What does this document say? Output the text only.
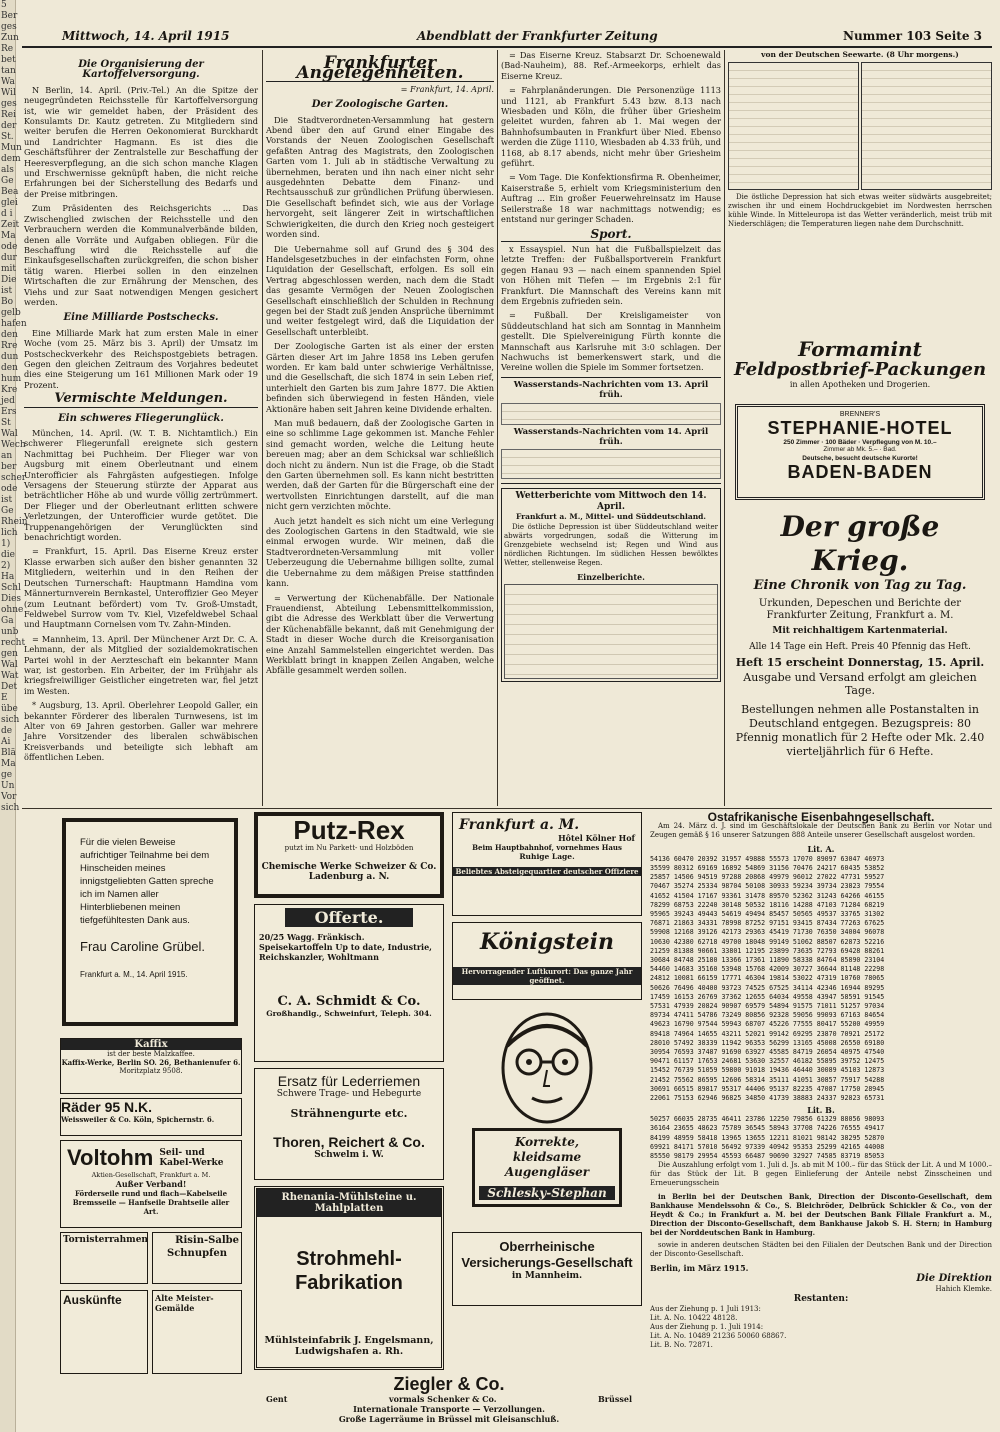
5
Ber
ges
Zun
Re
bet
tan
Wa
Wil
ges
Rei
der
St.
Mun
dem
als
Ge
Bea
glei
d i
Zeit
Ma
ode
dur
mit
Die
ist
Bo
gelb
hafen
den
Rre
dun
den
hum
Kre
jed
Ers
St
Wal
Wech
an
ber
scher
ode
ist
Ge
Rhein
lich
1)
die
2)
Ha
Schl
Dies
ohne
Ga
unb
recht
gen
Wal
Wat
Det
E
übe
sich
de
Ai
Blä
Ma
ge
Un
Vor
sich
Mittwoch, 14. April 1915	Abendblatt der Frankfurter Zeitung	Nummer 103 Seite 3
Die Organisierung der Kartoffelversorgung.

N Berlin, 14. April. (Priv.-Tel.) An die Spitze der neugegründeten Reichsstelle für Kartoffelversorgung ist, wie wir gemeldet haben, der Präsident des Konsulamts Dr. Kautz getreten. Zu Mitgliedern sind weiter berufen die Herren Oekonomierat Burckhardt und Landrichter Hagmann. Es ist dies die Geschäftsführer der Zentralstelle zur Beschaffung der Heeresverpflegung, an die sich schon manche Klagen und Erschwernisse geknüpft haben, die nicht reiche Erfahrungen bei der Sicherstellung des Bedarfs und der Preise mitbringen.

Zum Präsidenten des Reichsgerichts ... Das Zwischenglied zwischen der Reichsstelle und den Verbrauchern werden die Kommunalverbände bilden, denen alle Vorräte und Aufgaben obliegen. Für die Beschaffung wird die Reichsstelle auf die Einkaufsgesellschaften zurückgreifen, die schon bisher tätig waren. Hierbei sollen in den einzelnen Wirtschaften die zur Ernährung der Menschen, des Viehs und zur Saat notwendigen Mengen gesichert werden.

Eine Milliarde Postschecks.

Eine Milliarde Mark hat zum ersten Male in einer Woche (vom 25. März bis 3. April) der Umsatz im Postscheckverkehr des Reichspostgebiets betragen. Gegen den gleichen Zeitraum des Vorjahres bedeutet dies eine Steigerung um 161 Millionen Mark oder 19 Prozent.

Vermischte Meldungen.
Ein schweres Fliegerunglück.

München, 14. April. (W. T. B. Nichtamtlich.) Ein schwerer Fliegerunfall ereignete sich gestern Nachmittag bei Puchheim. Der Flieger war von Augsburg mit einem Oberleutnant und einem Unterofficier als Fahrgästen aufgestiegen. Infolge Versagens der Steuerung stürzte der Apparat aus beträchtlicher Höhe ab und wurde völlig zertrümmert. Der Flieger und der Oberleutnant erlitten schwere Verletzungen, der Unterofficier wurde getötet. Die Truppenangehörigen der Verunglückten sind benachrichtigt worden.

= Frankfurt, 15. April. Das Eiserne Kreuz erster Klasse erwarben sich außer den bisher genannten 32 Mitgliedern, weiterhin und in den Reihen der Deutschen Turnerschaft: Hauptmann Hamdina vom Männerturnverein Bernkastel, Unteroffizier Geo Meyer (zum Leutnant befördert) vom Tv. Groß-Umstadt, Feldwebel Surrow vom Tv. Kiel, Vizefeldwebel Schaal und Hauptmann Cornelsen vom Tv. Zahn-Minden.

= Mannheim, 13. April. Der Münchener Arzt Dr. C. A. Lehmann, der als Mitglied der sozialdemokratischen Partei wohl in der Aerzteschaft ein bekannter Mann war, ist gestorben. Ein Arbeiter, der im Frühjahr als kriegsfreiwilliger Geistlicher eingetreten war, fiel jetzt im Westen.

* Augsburg, 13. April. Oberlehrer Leopold Galler, ein bekannter Förderer des liberalen Turnwesens, ist im Alter von 69 Jahren gestorben. Galler war mehrere Jahre Vorsitzender des liberalen schwäbischen Kreisverbands und beteiligte sich lebhaft am öffentlichen Leben.

Frankfurter Angelegenheiten.
= Frankfurt, 14. April.
Der Zoologische Garten.

Die Stadtverordneten-Versammlung hat gestern Abend über den auf Grund einer Eingabe des Vorstands der Neuen Zoologischen Gesellschaft gefaßten Antrag des Magistrats, den Zoologischen Garten vom 1. Juli ab in städtische Verwaltung zu übernehmen, beraten und ihn nach einer nicht sehr ausgedehnten Debatte dem Finanz- und Rechtsausschuß zur gründlichen Prüfung überwiesen. Die Gesellschaft befindet sich, wie aus der Vorlage hervorgeht, seit längerer Zeit in wirtschaftlichen Schwierigkeiten, die durch den Krieg noch gesteigert worden sind.

Die Uebernahme soll auf Grund des § 304 des Handelsgesetzbuches in der einfachsten Form, ohne Liquidation der Gesellschaft, erfolgen. Es soll ein Vertrag abgeschlossen werden, nach dem die Stadt das gesamte Vermögen der Neuen Zoologischen Gesellschaft einschließlich der Schulden in Rechnung gegen bei der Stadt zuß jenden Ansprüche übernimmt und weiter festgelegt wird, daß die Liquidation der Gesellschaft unterbleibt.

Der Zoologische Garten ist als einer der ersten Gärten dieser Art im Jahre 1858 ins Leben gerufen worden. Er kam bald unter schwierige Verhältnisse, und die Gesellschaft, die sich 1874 in sein Leben rief, unterhielt den Garten bis zum Jahre 1877. Die Aktien befinden sich überwiegend in festen Händen, viele Aktionäre haben seit Jahren keine Dividende erhalten.

Man muß bedauern, daß der Zoologische Garten in eine so schlimme Lage gekommen ist. Manche Fehler sind gemacht worden, welche die Leitung heute bereuen mag; aber an dem Schicksal war schließlich doch nicht zu ändern. Nun ist die Frage, ob die Stadt den Garten übernehmen soll. Es kann nicht bestritten werden, daß der Garten für die Bürgerschaft eine der wertvollsten Einrichtungen darstellt, auf die man nicht gern verzichten möchte.

Auch jetzt handelt es sich nicht um eine Verlegung des Zoologischen Gartens in den Stadtwald, wie sie einmal erwogen wurde. Wir meinen, daß die Stadtverordneten-Versammlung mit voller Ueberzeugung die Uebernahme billigen sollte, zumal die Uebernahme zu dem mäßigen Preise stattfinden kann.

= Verwertung der Küchenabfälle. Der Nationale Frauendienst, Abteilung Lebensmittelkommission, gibt die Adresse des Werkblatt über die Verwertung der Küchenabfälle bekannt, daß mit Genehmigung der Stadt in dieser Woche durch die Kreisorganisation eine Anzahl Sammelstellen eingerichtet werden. Das Werkblatt bringt in knappen Zeilen Angaben, welche Abfälle gesammelt werden sollen.

= Das Eiserne Kreuz. Stabsarzt Dr. Schoenewald (Bad-Nauheim), 88. Ref.-Armeekorps, erhielt das Eiserne Kreuz.

= Fahrplanänderungen. Die Personenzüge 1113 und 1121, ab Frankfurt 5.43 bzw. 8.13 nach Wiesbaden und Köln, die früher über Griesheim geleitet wurden, fahren ab 1. Mai wegen der Bahnhofsumbauten in Frankfurt über Nied. Ebenso werden die Züge 1110, Wiesbaden ab 4.33 früh, und 1168, ab 8.17 abends, nicht mehr über Griesheim geführt.

= Vom Tage. Die Konfektionsfirma R. Obenheimer, Kaiserstraße 5, erhielt vom Kriegsministerium den Auftrag ... Ein großer Feuerwehreinsatz im Hause Seilerstraße 18 war nachmittags notwendig; es entstand nur geringer Schaden.

Sport.

x Essayspiel. Nun hat die Fußballspielzeit das letzte Treffen: der Fußballsportverein Frankfurt gegen Hanau 93 — nach einem spannenden Spiel von Höhen mit Tiefen — im Ergebnis 2:1 für Frankfurt. Die Mannschaft des Vereins kann mit dem Ergebnis zufrieden sein.

= Fußball. Der Kreisligameister von Süddeutschland hat sich am Sonntag in Mannheim gestellt. Die Spielvereinigung Fürth konnte die Mannschaft aus Karlsruhe mit 3:0 schlagen. Der Nachwuchs ist bemerkenswert stark, und die Vereine wollen die Spiele im Sommer fortsetzen.

Wasserstands-Nachrichten vom 13. April früh.
Wasserstands-Nachrichten vom 14. April früh.
Wetterberichte vom Mittwoch den 14. April.
Frankfurt a. M., Mittel- und Süddeutschland.

Die östliche Depression ist über Süddeutschland weiter abwärts vorgedrungen, sodaß die Witterung im Grenzgebiete wechselnd ist; Regen und Wind aus nördlichen Richtungen. Im südlichen Hessen bewölktes Wetter, stellenweise Regen.

Einzelberichte.
von der Deutschen Seewarte. (8 Uhr morgens.)

Die östliche Depression hat sich etwas weiter südwärts ausgebreitet; zwischen ihr und einem Hochdruckgebiet im Nordwesten herrschen kühle Winde. In Mitteleuropa ist das Wetter veränderlich, meist trüb mit Niederschlägen; die Temperaturen liegen nahe dem Durchschnitt.

Formamint
Feldpostbrief-Packungen
in allen Apotheken und Drogerien.
BRENNER'S
STEPHANIE-HOTEL
250 Zimmer · 100 Bäder · Verpflegung von M. 10.–
Zimmer ab Mk. 5.– · Bad.
Deutsche, besucht deutsche Kurorte!
BADEN-BADEN
Der große Krieg.
Eine Chronik von Tag zu Tag.
Urkunden, Depeschen und Berichte der Frankfurter Zeitung, Frankfurt a. M.
Mit reichhaltigem Kartenmaterial.
Alle 14 Tage ein Heft. Preis 40 Pfennig das Heft.
Heft 15 erscheint Donnerstag, 15. April.
Ausgabe und Versand erfolgt am gleichen Tage.
Bestellungen nehmen alle Postanstalten in Deutschland entgegen. Bezugspreis: 80 Pfennig monatlich für 2 Hefte oder Mk. 2.40 vierteljährlich für 6 Hefte.
Ostafrikanische Eisenbahngesellschaft.

Am 24. März d. J. sind im Geschäftslokale der Deutschen Bank zu Berlin vor Notar und Zeugen gemäß § 16 unserer Satzungen 888 Anteile unserer Gesellschaft ausgelost worden.

Lit. A.
54136 60470 20392 31957 49888 55573 17070 89097 63047 46973
35599 80312 69169 16892 54869 31156 70476 24217 60435 53852
25857 14506 94519 97288 20868 49979 96012 27022 47731 59527
70467 35274 25334 98704 50108 30933 59234 39734 23823 79554
41652 41504 17167 93361 31478 89570 52362 31243 64266 46155
78299 68753 22240 30148 50532 18116 14288 47103 71284 68219
95965 39243 49443 54619 49494 85457 50565 49537 33765 31302
76871 21863 34331 78998 87252 97151 93415 87434 77263 67625
59908 12168 39126 42173 29363 45419 71730 76350 34004 96078
10630 42380 62718 49700 18048 99149 51062 88507 62873 52216
21259 81388 90661 33801 12195 23899 73635 72793 69428 88261
30684 84748 25180 13366 17361 11890 58338 84764 85890 23104
54460 14683 35160 53948 15768 42009 30727 36644 81148 22298
24812 10081 66159 17771 46304 19814 53022 47319 10760 78065
50626 76496 40400 93723 74525 67525 34114 42346 16944 89295
17459 16153 26769 37362 12655 64034 49558 43947 58591 91545
57531 47939 20824 90907 69579 54894 91575 71011 51257 97034
89734 47411 54786 73249 80856 92328 59056 99093 67163 84654
49623 16790 97544 59943 68707 45226 77555 80417 55200 49959
89418 74964 14655 43211 52021 99142 69295 23870 70921 25172
28010 57492 38339 11942 96353 56299 13165 45008 26550 69180
30954 76593 37487 91690 63927 45585 84719 26054 40975 47540
90471 61157 17653 24681 53630 32557 46182 55895 39752 12475
15452 76739 51059 59800 91018 19436 46440 30089 45103 12873
21452 75562 86595 12606 58314 35111 41051 30857 75917 54288
30691 66515 89817 95317 44406 95137 82235 47087 17750 28945
22061 75153 62946 96825 34850 41739 38883 24337 92823 65731
Lit. B.
50257 66035 28735 46411 23786 12250 79856 61329 88056 98093
36164 23655 48623 75789 36545 58943 37708 74226 76555 49417
84199 48959 58418 13965 13655 12211 81021 98142 38295 52870
69921 84171 57010 56492 97339 40942 95353 25299 42165 44008
85550 98179 29954 45593 66487 90690 32927 74585 83719 85053

Die Auszahlung erfolgt vom 1. Juli d. Js. ab mit M 100.– für das Stück der Lit. A und M 1000.– für das Stück der Lit. B gegen Einlieferung der Anteile nebst Zinsscheinen und Erneuerungsschein

in Berlin bei der Deutschen Bank, Direction der Disconto-Gesellschaft, dem Bankhause Mendelssohn & Co., S. Bleichröder, Delbrück Schickler & Co., von der Heydt & Co.; in Frankfurt a. M. bei der Deutschen Bank Filiale Frankfurt a. M., Direction der Disconto-Gesellschaft, dem Bankhause Jakob S. H. Stern; in Hamburg bei der Norddeutschen Bank in Hamburg.

sowie in anderen deutschen Städten bei den Filialen der Deutschen Bank und der Direction der Disconto-Gesellschaft.

Berlin, im März 1915.
Die Direktion
Hahich Klemke.
Restanten:
Aus der Ziehung p. 1 Juli 1913:
Lit. A. No. 10422 48128.
Aus der Ziehung p. 1. Juli 1914:
Lit. A. No. 10489 21236 50060 68867.
Lit. B. No. 72871.
Für die vielen Beweise aufrichtiger Teilnahme bei dem Hinscheiden meines innigstgeliebten Gatten spreche ich im Namen aller Hinterbliebenen meinen tiefgefühltesten Dank aus.
Frau Caroline Grübel.
Frankfurt a. M., 14. April 1915.
Kaffix
ist der beste Malzkaffee.
Kaffix-Werke, Berlin SO. 26, Bethanienufer 6.
Moritzplatz 9508.
Räder 95 N.K.
Weissweiler & Co. Köln, Spichernstr. 6.
Voltohm Seil- und Kabel-Werke
Aktien-Gesellschaft, Frankfurt a. M.
Außer Verband!
Förderseile rund und flach—Kabelseile Bremsseile — Hanfseile Drahtseile aller Art.
Tornisterrahmen	Risin-Salbe
Schnupfen
Auskünfte	Alte Meister-Gemälde
Putz-Rex
putzt im Nu Parkett- und Holzböden
Chemische Werke Schweizer & Co. Ladenburg a. N.
Offerte.
20/25 Wagg. Fränkisch. Speisekartoffeln Up to date, Industrie, Reichskanzler, Wohltmann
C. A. Schmidt & Co.
Großhandlg., Schweinfurt, Teleph. 304.
Ersatz für Lederriemen
Schwere Trage- und Hebegurte
Strähnengurte etc.
Thoren, Reichert & Co.
Schwelm i. W.
Rhenania-Mühlsteine u. Mahlplatten
Strohmehl-Fabrikation
Mühlsteinfabrik J. Engelsmann, Ludwigshafen a. Rh.
Frankfurt a. M.
Hôtel Kölner Hof
Beim Hauptbahnhof, vornehmes Haus
Ruhige Lage.
Beliebtes Absteigequartier deutscher Offiziere
Königstein
Hervorragender Luftkurort: Das ganze Jahr geöffnet.
Korrekte, kleidsame Augengläser
Schlesky-Stephan
Oberrheinische Versicherungs-Gesellschaft
in Mannheim.
Ziegler & Co.
Gent	vormals Schenker & Co.	Brüssel
Internationale Transporte — Verzollungen.
Große Lagerräume in Brüssel mit Gleisanschluß.
